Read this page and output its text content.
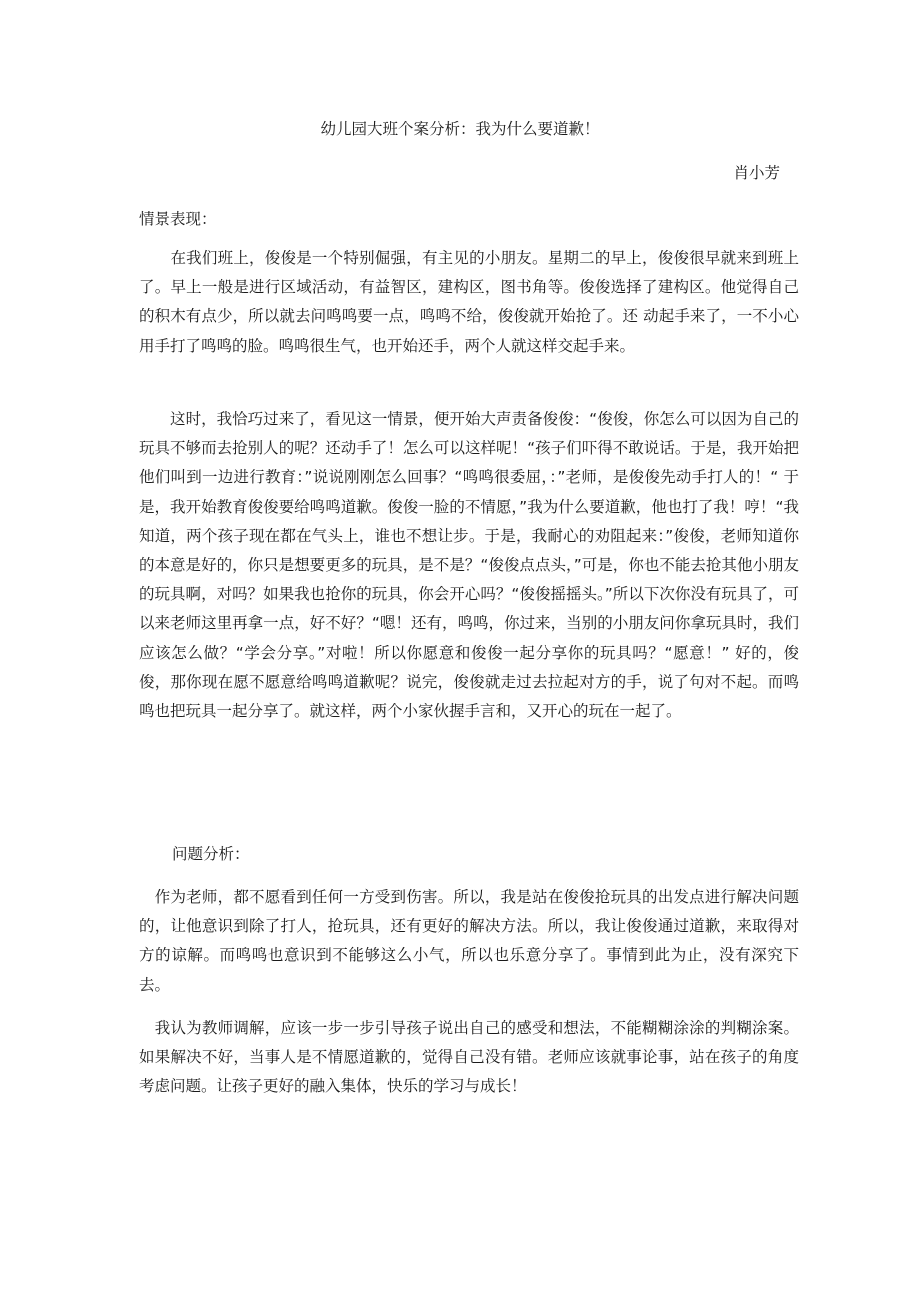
幼儿园大班个案分析：我为什么要道歉！
肖小芳
情景表现：

　　在我们班上，俊俊是一个特别倔强，有主见的小朋友。星期二的早上，俊俊很早就来到班上了。早上一般是进行区域活动，有益智区，建构区，图书角等。俊俊选择了建构区。他觉得自己的积木有点少，所以就去问鸣鸣要一点，鸣鸣不给，俊俊就开始抢了。还 动起手来了，一不小心用手打了鸣鸣的脸。鸣鸣很生气，也开始还手，两个人就这样交起手来。

　　这时，我恰巧过来了，看见这一情景，便开始大声责备俊俊：“俊俊，你怎么可以因为自己的玩具不够而去抢别人的呢？还动手了！怎么可以这样呢！“孩子们吓得不敢说话。于是，我开始把他们叫到一边进行教育：”说说刚刚怎么回事？“鸣鸣很委屈，：”老师，是俊俊先动手打人的！“ 于是，我开始教育俊俊要给鸣鸣道歉。俊俊一脸的不情愿，”我为什么要道歉，他也打了我！哼！“我知道，两个孩子现在都在气头上，谁也不想让步。于是，我耐心的劝阻起来：”俊俊，老师知道你的本意是好的，你只是想要更多的玩具，是不是？“俊俊点点头，”可是，你也不能去抢其他小朋友的玩具啊，对吗？如果我也抢你的玩具，你会开心吗？“俊俊摇摇头。”所以下次你没有玩具了，可以来老师这里再拿一点，好不好？“嗯！还有，鸣鸣，你过来，当别的小朋友问你拿玩具时，我们应该怎么做？“学会分享。”对啦！所以你愿意和俊俊一起分享你的玩具吗？“愿意！” 好的，俊俊，那你现在愿不愿意给鸣鸣道歉呢？说完，俊俊就走过去拉起对方的手，说了句对不起。而鸣鸣也把玩具一起分享了。就这样，两个小家伙握手言和，又开心的玩在一起了。

问题分析：

　作为老师，都不愿看到任何一方受到伤害。所以，我是站在俊俊抢玩具的出发点进行解决问题的，让他意识到除了打人，抢玩具，还有更好的解决方法。所以，我让俊俊通过道歉，来取得对方的谅解。而鸣鸣也意识到不能够这么小气，所以也乐意分享了。事情到此为止，没有深究下去。

　我认为教师调解，应该一步一步引导孩子说出自己的感受和想法，不能糊糊涂涂的判糊涂案。如果解决不好，当事人是不情愿道歉的，觉得自己没有错。老师应该就事论事，站在孩子的角度考虑问题。让孩子更好的融入集体，快乐的学习与成长！
